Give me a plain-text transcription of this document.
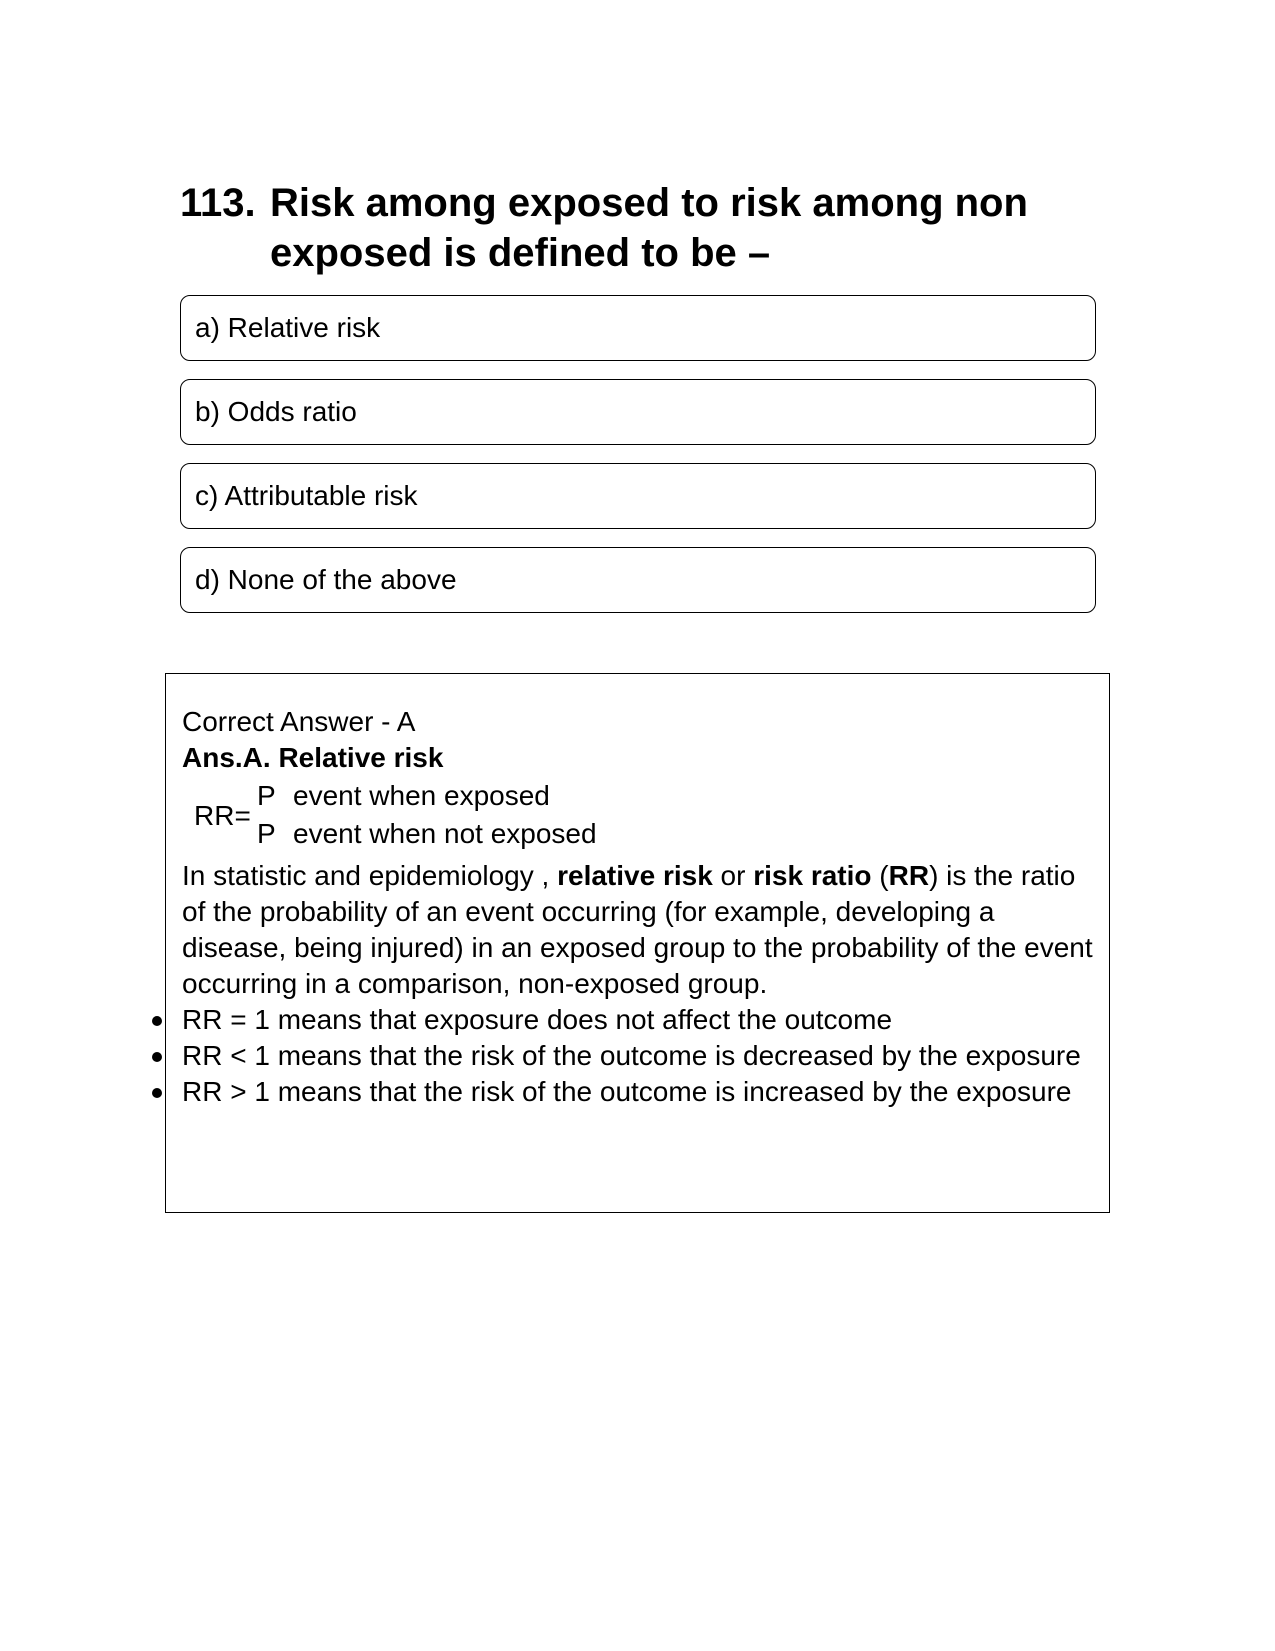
113. Risk among exposed to risk among non exposed is defined to be –
a) Relative risk
b) Odds ratio
c) Attributable risk
d) None of the above
Correct Answer - A
Ans.A. Relative risk
RR=
P event when exposed
P event when not exposed

In statistic and epidemiology , relative risk or risk ratio (RR) is the ratio of the probability of an event occurring (for example, developing a disease, being injured) in an exposed group to the probability of the event occurring in a comparison, non-exposed group.

RR = 1 means that exposure does not affect the outcome
RR < 1 means that the risk of the outcome is decreased by the exposure
RR > 1 means that the risk of the outcome is increased by the exposure
